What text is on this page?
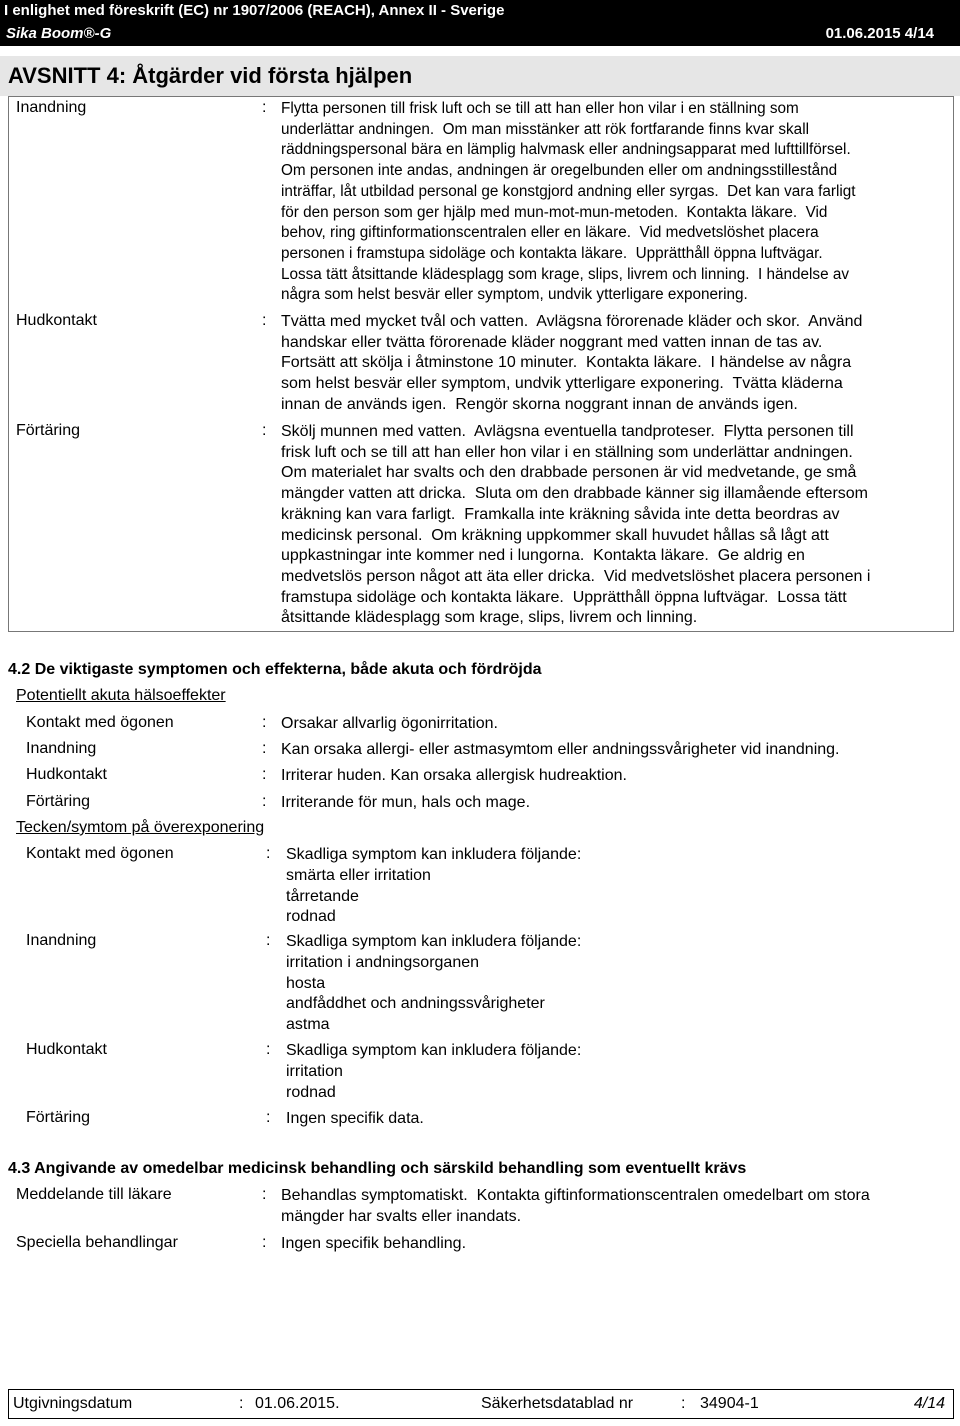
I enlighet med föreskrift (EC) nr 1907/2006 (REACH), Annex II - Sverige
Sika Boom®-G	01.06.2015 4/14
AVSNITT 4: Åtgärder vid första hjälpen
Inandning	: Flytta personen till frisk luft och se till att han eller hon vilar i en ställning som
underlättar andningen.  Om man misstänker att rök fortfarande finns kvar skall
räddningspersonal bära en lämplig halvmask eller andningsapparat med lufttillförsel.
Om personen inte andas, andningen är oregelbunden eller om andningsstillestånd
inträffar, låt utbildad personal ge konstgjord andning eller syrgas.  Det kan vara farligt
för den person som ger hjälp med mun-mot-mun-metoden.  Kontakta läkare.  Vid
behov, ring giftinformationscentralen eller en läkare.  Vid medvetslöshet placera
personen i framstupa sidoläge och kontakta läkare.  Upprätthåll öppna luftvägar.
Lossa tätt åtsittande klädesplagg som krage, slips, livrem och linning.  I händelse av
några som helst besvär eller symptom, undvik ytterligare exponering.
Hudkontakt	: Tvätta med mycket tvål och vatten.  Avlägsna förorenade kläder och skor.  Använd
handskar eller tvätta förorenade kläder noggrant med vatten innan de tas av.
Fortsätt att skölja i åtminstone 10 minuter.  Kontakta läkare.  I händelse av några
som helst besvär eller symptom, undvik ytterligare exponering.  Tvätta kläderna
innan de används igen.  Rengör skorna noggrant innan de används igen.
Förtäring	: Skölj munnen med vatten.  Avlägsna eventuella tandproteser.  Flytta personen till
frisk luft och se till att han eller hon vilar i en ställning som underlättar andningen.
Om materialet har svalts och den drabbade personen är vid medvetande, ge små
mängder vatten att dricka.  Sluta om den drabbade känner sig illamående eftersom
kräkning kan vara farligt.  Framkalla inte kräkning såvida inte detta beordras av
medicinsk personal.  Om kräkning uppkommer skall huvudet hållas så lågt att
uppkastningar inte kommer ned i lungorna.  Kontakta läkare.  Ge aldrig en
medvetslös person något att äta eller dricka.  Vid medvetslöshet placera personen i
framstupa sidoläge och kontakta läkare.  Upprätthåll öppna luftvägar.  Lossa tätt
åtsittande klädesplagg som krage, slips, livrem och linning.
4.2 De viktigaste symptomen och effekterna, både akuta och fördröjda
Potentiellt akuta hälsoeffekter
Kontakt med ögonen	: Orsakar allvarlig ögonirritation.
Inandning	: Kan orsaka allergi- eller astmasymtom eller andningssvårigheter vid inandning.
Hudkontakt	: Irriterar huden. Kan orsaka allergisk hudreaktion.
Förtäring	: Irriterande för mun, hals och mage.
Tecken/symtom på överexponering
Kontakt med ögonen	: Skadliga symptom kan inkludera följande:
smärta eller irritation
tårretande
rodnad
Inandning	: Skadliga symptom kan inkludera följande:
irritation i andningsorganen
hosta
andfåddhet och andningssvårigheter
astma
Hudkontakt	: Skadliga symptom kan inkludera följande:
irritation
rodnad
Förtäring	: Ingen specifik data.
4.3 Angivande av omedelbar medicinsk behandling och särskild behandling som eventuellt krävs
Meddelande till läkare	: Behandlas symptomatiskt.  Kontakta giftinformationscentralen omedelbart om stora
mängder har svalts eller inandats.
Speciella behandlingar	: Ingen specifik behandling.
Utgivningsdatum	: 01.06.2015.	Säkerhetsdatablad nr	: 34904-1	4/14
